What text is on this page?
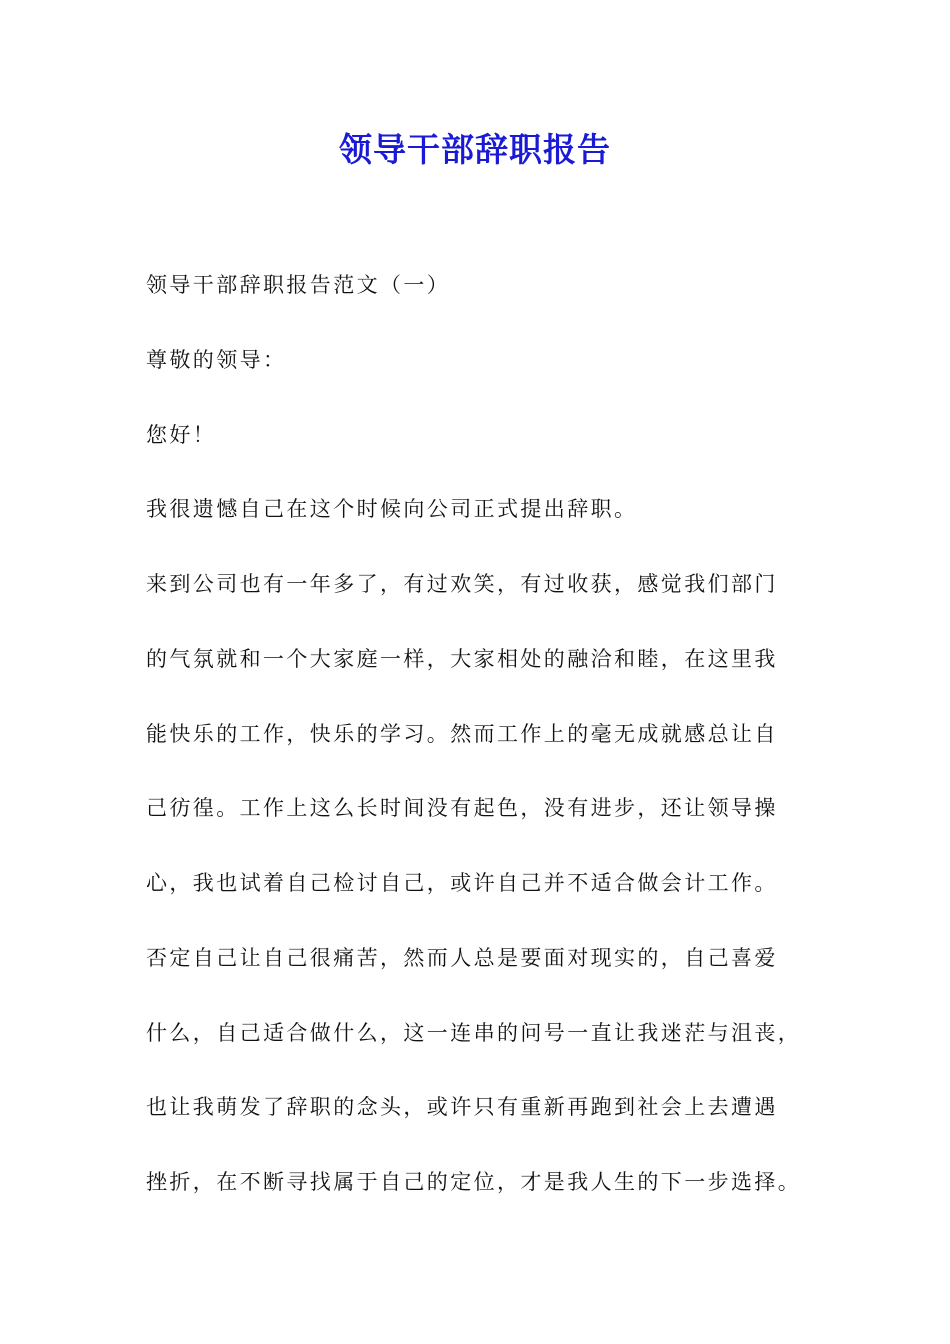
领导干部辞职报告
领导干部辞职报告范文（一）
尊敬的领导：
您好！
我很遗憾自己在这个时候向公司正式提出辞职。
来到公司也有一年多了，有过欢笑，有过收获，感觉我们部门
的气氛就和一个大家庭一样，大家相处的融洽和睦，在这里我
能快乐的工作，快乐的学习。然而工作上的毫无成就感总让自
己彷徨。工作上这么长时间没有起色，没有进步，还让领导操
心，我也试着自己检讨自己，或许自己并不适合做会计工作。
否定自己让自己很痛苦，然而人总是要面对现实的，自己喜爱
什么，自己适合做什么，这一连串的问号一直让我迷茫与沮丧，
也让我萌发了辞职的念头，或许只有重新再跑到社会上去遭遇
挫折，在不断寻找属于自己的定位，才是我人生的下一步选择。
